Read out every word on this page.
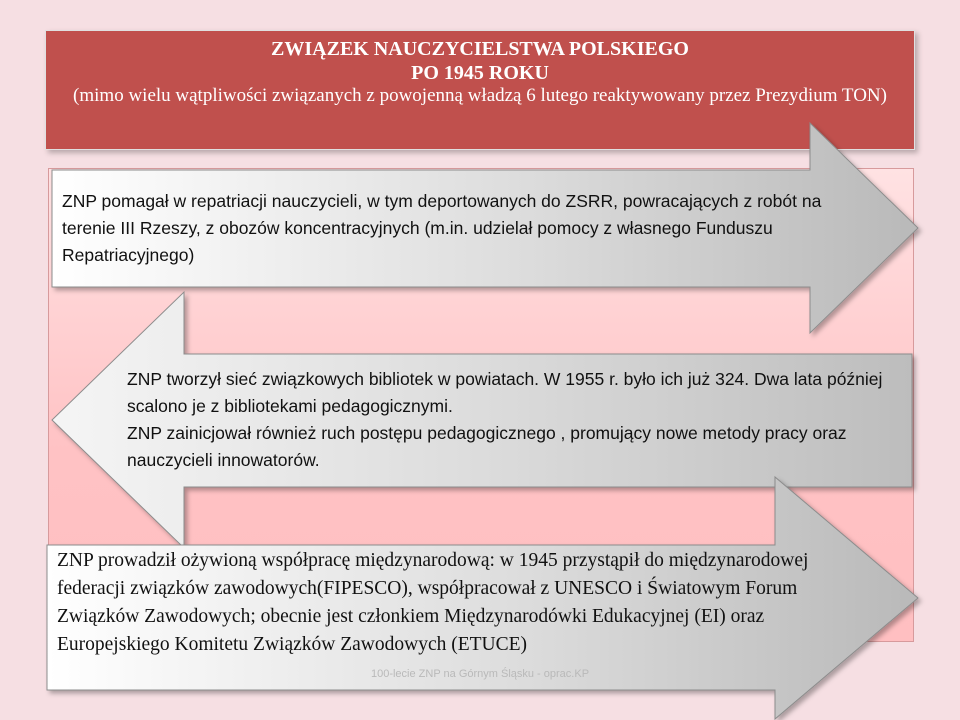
ZWIĄZEK NAUCZYCIELSTWA POLSKIEGO
PO 1945 ROKU
(mimo wielu wątpliwości związanych z powojenną władzą 6 lutego reaktywowany przez Prezydium TON)
ZNP pomagał w repatriacji nauczycieli, w tym deportowanych do ZSRR, powracających z robót na terenie III Rzeszy, z obozów koncentracyjnych (m.in. udzielał pomocy z własnego Funduszu Repatriacyjnego)
ZNP tworzył sieć związkowych bibliotek w powiatach. W 1955 r. było ich już 324. Dwa lata później scalono je z bibliotekami pedagogicznymi.
ZNP zainicjował również ruch postępu pedagogicznego , promujący nowe metody pracy oraz nauczycieli innowatorów.
ZNP prowadził ożywioną współpracę międzynarodową: w 1945 przystąpił do międzynarodowej federacji związków zawodowych(FIPESCO), współpracował z UNESCO i Światowym Forum Związków Zawodowych; obecnie jest członkiem Międzynarodówki Edukacyjnej (EI) oraz Europejskiego Komitetu Związków Zawodowych (ETUCE)
100-lecie ZNP na Górnym Śląsku - oprac.KP
